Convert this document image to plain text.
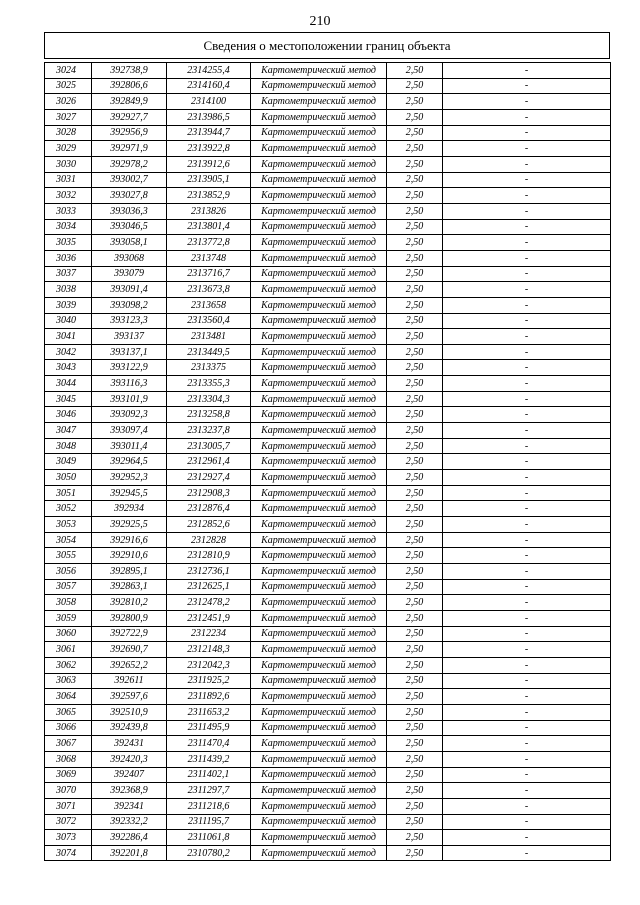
210
Сведения о местоположении границ объекта
3024	392738,9	2314255,4	Картометрический метод	2,50	-
3025	392806,6	2314160,4	Картометрический метод	2,50	-
3026	392849,9	2314100	Картометрический метод	2,50	-
3027	392927,7	2313986,5	Картометрический метод	2,50	-
3028	392956,9	2313944,7	Картометрический метод	2,50	-
3029	392971,9	2313922,8	Картометрический метод	2,50	-
3030	392978,2	2313912,6	Картометрический метод	2,50	-
3031	393002,7	2313905,1	Картометрический метод	2,50	-
3032	393027,8	2313852,9	Картометрический метод	2,50	-
3033	393036,3	2313826	Картометрический метод	2,50	-
3034	393046,5	2313801,4	Картометрический метод	2,50	-
3035	393058,1	2313772,8	Картометрический метод	2,50	-
3036	393068	2313748	Картометрический метод	2,50	-
3037	393079	2313716,7	Картометрический метод	2,50	-
3038	393091,4	2313673,8	Картометрический метод	2,50	-
3039	393098,2	2313658	Картометрический метод	2,50	-
3040	393123,3	2313560,4	Картометрический метод	2,50	-
3041	393137	2313481	Картометрический метод	2,50	-
3042	393137,1	2313449,5	Картометрический метод	2,50	-
3043	393122,9	2313375	Картометрический метод	2,50	-
3044	393116,3	2313355,3	Картометрический метод	2,50	-
3045	393101,9	2313304,3	Картометрический метод	2,50	-
3046	393092,3	2313258,8	Картометрический метод	2,50	-
3047	393097,4	2313237,8	Картометрический метод	2,50	-
3048	393011,4	2313005,7	Картометрический метод	2,50	-
3049	392964,5	2312961,4	Картометрический метод	2,50	-
3050	392952,3	2312927,4	Картометрический метод	2,50	-
3051	392945,5	2312908,3	Картометрический метод	2,50	-
3052	392934	2312876,4	Картометрический метод	2,50	-
3053	392925,5	2312852,6	Картометрический метод	2,50	-
3054	392916,6	2312828	Картометрический метод	2,50	-
3055	392910,6	2312810,9	Картометрический метод	2,50	-
3056	392895,1	2312736,1	Картометрический метод	2,50	-
3057	392863,1	2312625,1	Картометрический метод	2,50	-
3058	392810,2	2312478,2	Картометрический метод	2,50	-
3059	392800,9	2312451,9	Картометрический метод	2,50	-
3060	392722,9	2312234	Картометрический метод	2,50	-
3061	392690,7	2312148,3	Картометрический метод	2,50	-
3062	392652,2	2312042,3	Картометрический метод	2,50	-
3063	392611	2311925,2	Картометрический метод	2,50	-
3064	392597,6	2311892,6	Картометрический метод	2,50	-
3065	392510,9	2311653,2	Картометрический метод	2,50	-
3066	392439,8	2311495,9	Картометрический метод	2,50	-
3067	392431	2311470,4	Картометрический метод	2,50	-
3068	392420,3	2311439,2	Картометрический метод	2,50	-
3069	392407	2311402,1	Картометрический метод	2,50	-
3070	392368,9	2311297,7	Картометрический метод	2,50	-
3071	392341	2311218,6	Картометрический метод	2,50	-
3072	392332,2	2311195,7	Картометрический метод	2,50	-
3073	392286,4	2311061,8	Картометрический метод	2,50	-
3074	392201,8	2310780,2	Картометрический метод	2,50	-
